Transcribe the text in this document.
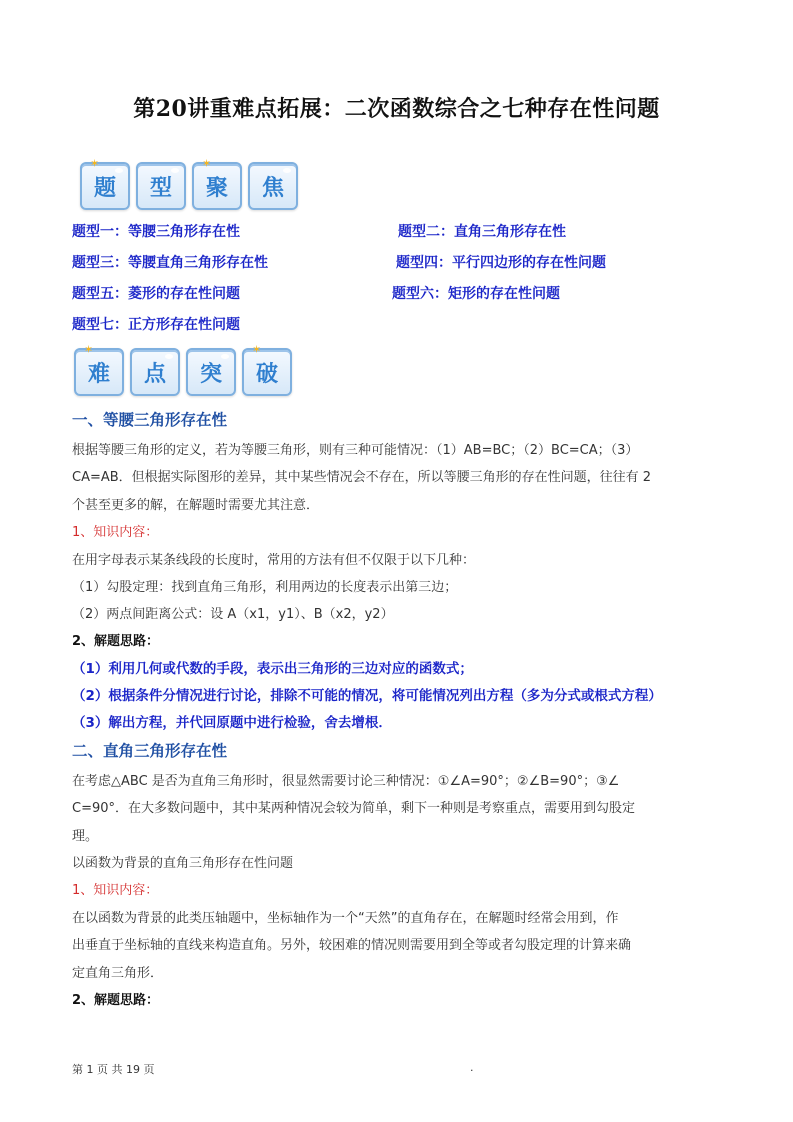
第20讲重难点拓展：二次函数综合之七种存在性问题
✶
题 型
✶
聚 焦
题型一：等腰三角形存在性	题型二：直角三角形存在性
题型三：等腰直角三角形存在性	题型四：平行四边形的存在性问题
题型五：菱形的存在性问题	题型六：矩形的存在性问题
题型七：正方形存在性问题
✶
难 点 突
✶
破
一、等腰三角形存在性
根据等腰三角形的定义，若为等腰三角形，则有三种可能情况：（1）AB=BC；（2）BC=CA；（3）
CA=AB．但根据实际图形的差异，其中某些情况会不存在，所以等腰三角形的存在性问题，往往有 2
个甚至更多的解，在解题时需要尤其注意．
1、知识内容：
在用字母表示某条线段的长度时，常用的方法有但不仅限于以下几种：
（1）勾股定理：找到直角三角形，利用两边的长度表示出第三边；
（2）两点间距离公式：设 A（x1，y1）、B（x2，y2）
2、解题思路：
（1）利用几何或代数的手段，表示出三角形的三边对应的函数式；
（2）根据条件分情况进行讨论，排除不可能的情况，将可能情况列出方程（多为分式或根式方程）
（3）解出方程，并代回原题中进行检验，舍去增根．
二、直角三角形存在性
在考虑△ABC 是否为直角三角形时，很显然需要讨论三种情况：①∠A=90°；②∠B=90°；③∠
C=90°．在大多数问题中，其中某两种情况会较为简单，剩下一种则是考察重点，需要用到勾股定
理。
以函数为背景的直角三角形存在性问题
1、知识内容：
在以函数为背景的此类压轴题中，坐标轴作为一个“天然”的直角存在，在解题时经常会用到，作
出垂直于坐标轴的直线来构造直角。另外，较困难的情况则需要用到全等或者勾股定理的计算来确
定直角三角形．
2、解题思路：
第 1 页 共 19 页	.
